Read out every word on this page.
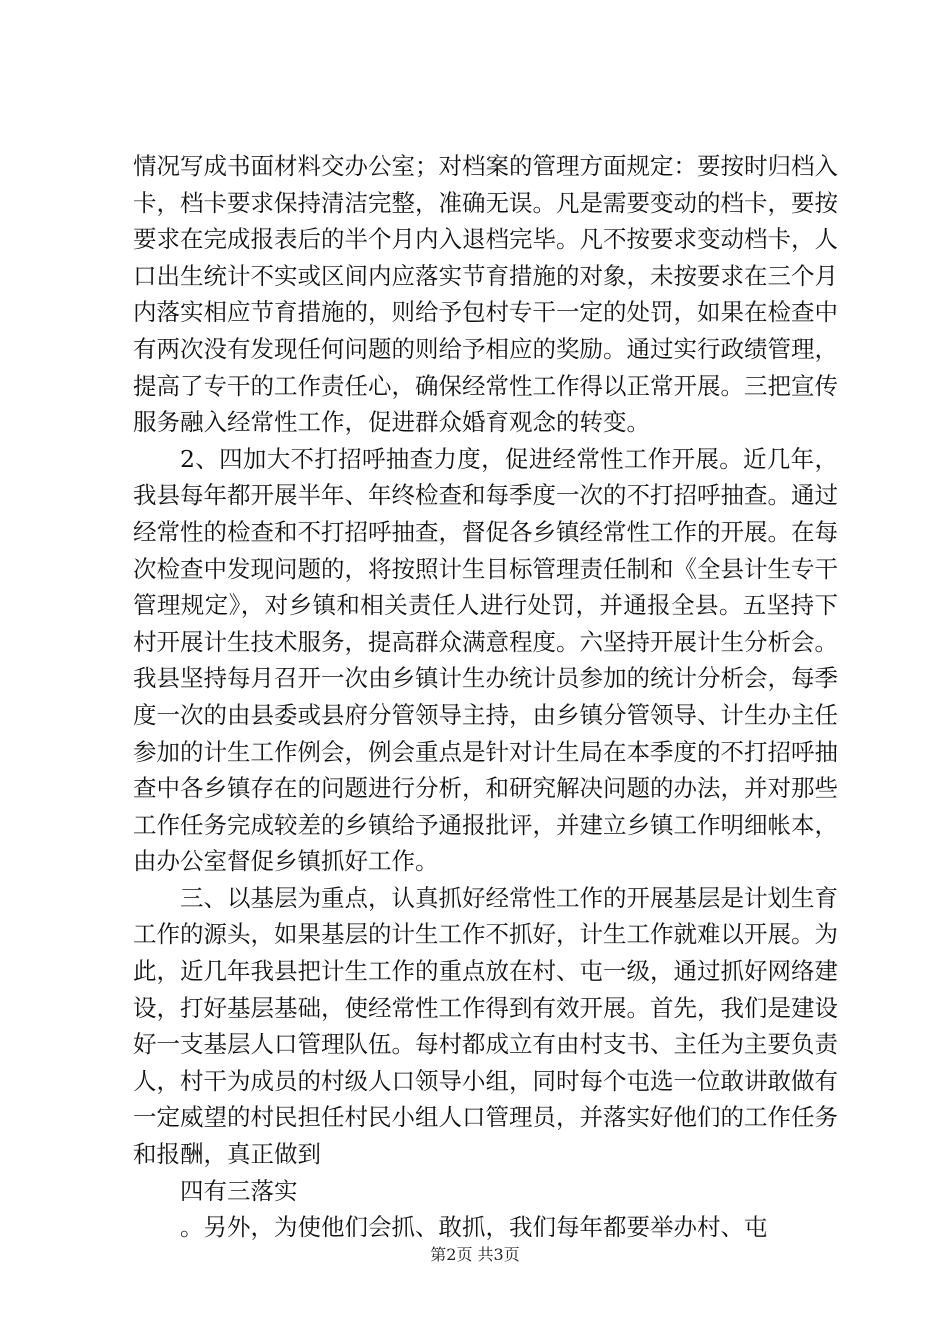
情况写成书面材料交办公室；对档案的管理方面规定：要按时归档入卡，档卡要求保持清洁完整，准确无误。凡是需要变动的档卡，要按要求在完成报表后的半个月内入退档完毕。凡不按要求变动档卡，人口出生统计不实或区间内应落实节育措施的对象，未按要求在三个月内落实相应节育措施的，则给予包村专干一定的处罚，如果在检查中有两次没有发现任何问题的则给予相应的奖励。通过实行政绩管理，提高了专干的工作责任心，确保经常性工作得以正常开展。三把宣传服务融入经常性工作，促进群众婚育观念的转变。

2、四加大不打招呼抽查力度，促进经常性工作开展。近几年，我县每年都开展半年、年终检查和每季度一次的不打招呼抽查。通过经常性的检查和不打招呼抽查，督促各乡镇经常性工作的开展。在每次检查中发现问题的，将按照计生目标管理责任制和《全县计生专干管理规定》，对乡镇和相关责任人进行处罚，并通报全县。五坚持下村开展计生技术服务，提高群众满意程度。六坚持开展计生分析会。我县坚持每月召开一次由乡镇计生办统计员参加的统计分析会，每季度一次的由县委或县府分管领导主持，由乡镇分管领导、计生办主任参加的计生工作例会，例会重点是针对计生局在本季度的不打招呼抽查中各乡镇存在的问题进行分析，和研究解决问题的办法，并对那些工作任务完成较差的乡镇给予通报批评，并建立乡镇工作明细帐本，由办公室督促乡镇抓好工作。

三、以基层为重点，认真抓好经常性工作的开展基层是计划生育工作的源头，如果基层的计生工作不抓好，计生工作就难以开展。为此，近几年我县把计生工作的重点放在村、屯一级，通过抓好网络建设，打好基层基础，使经常性工作得到有效开展。首先，我们是建设好一支基层人口管理队伍。每村都成立有由村支书、主任为主要负责人，村干为成员的村级人口领导小组，同时每个屯选一位敢讲敢做有一定威望的村民担任村民小组人口管理员，并落实好他们的工作任务和报酬，真正做到

四有三落实

。另外，为使他们会抓、敢抓，我们每年都要举办村、屯

第2页 共3页
